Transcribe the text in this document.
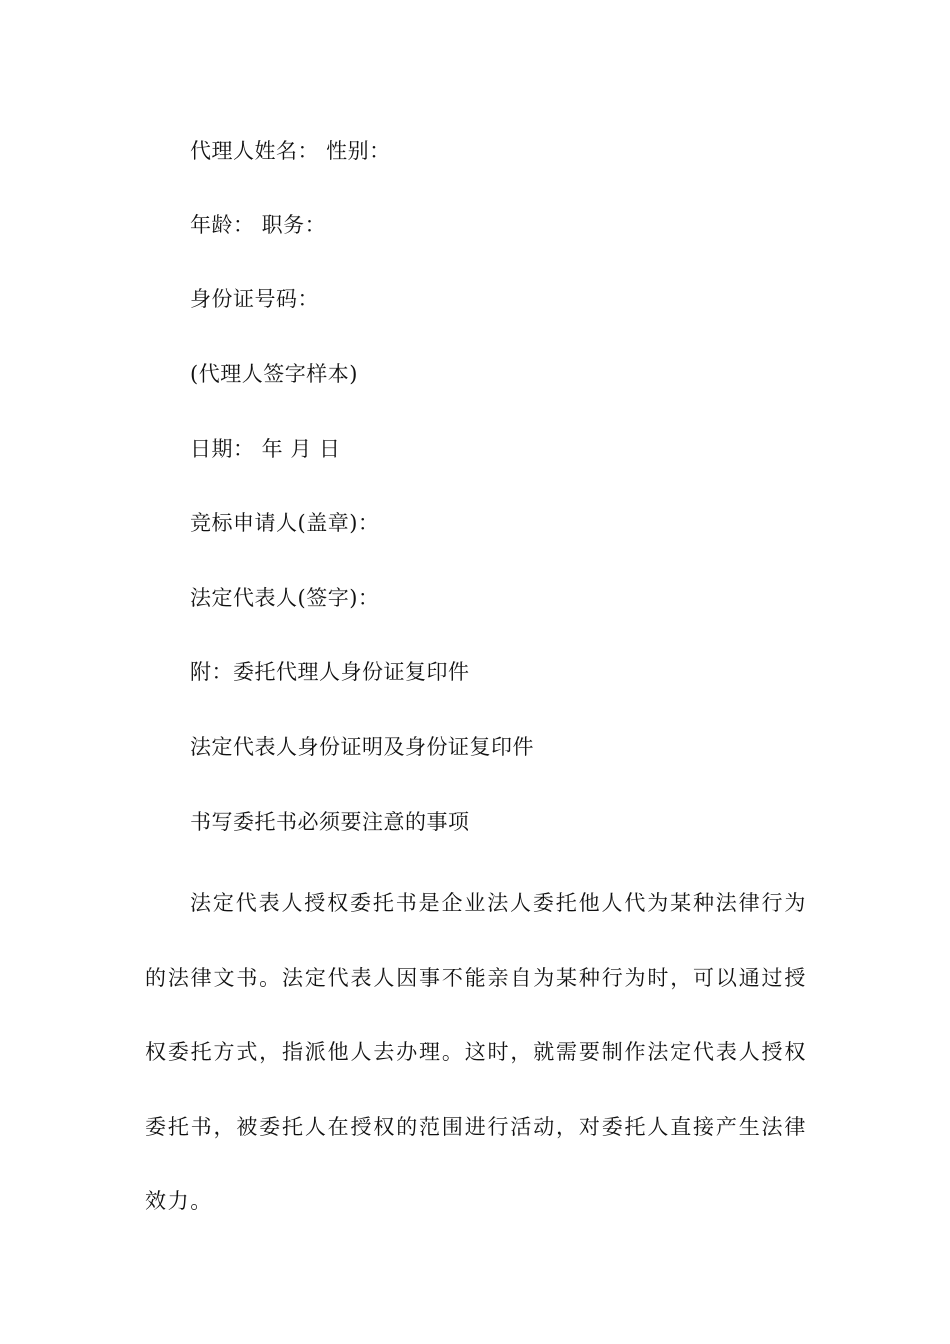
代理人姓名： 性别：
年龄： 职务：
身份证号码：
(代理人签字样本)
日期： 年 月 日
竞标申请人(盖章)：
法定代表人(签字)：
附：委托代理人身份证复印件
法定代表人身份证明及身份证复印件
书写委托书必须要注意的事项

法定代表人授权委托书是企业法人委托他人代为某种法律行为的法律文书。法定代表人因事不能亲自为某种行为时，可以通过授权委托方式，指派他人去办理。这时，就需要制作法定代表人授权委托书，被委托人在授权的范围进行活动，对委托人直接产生法律效力。
